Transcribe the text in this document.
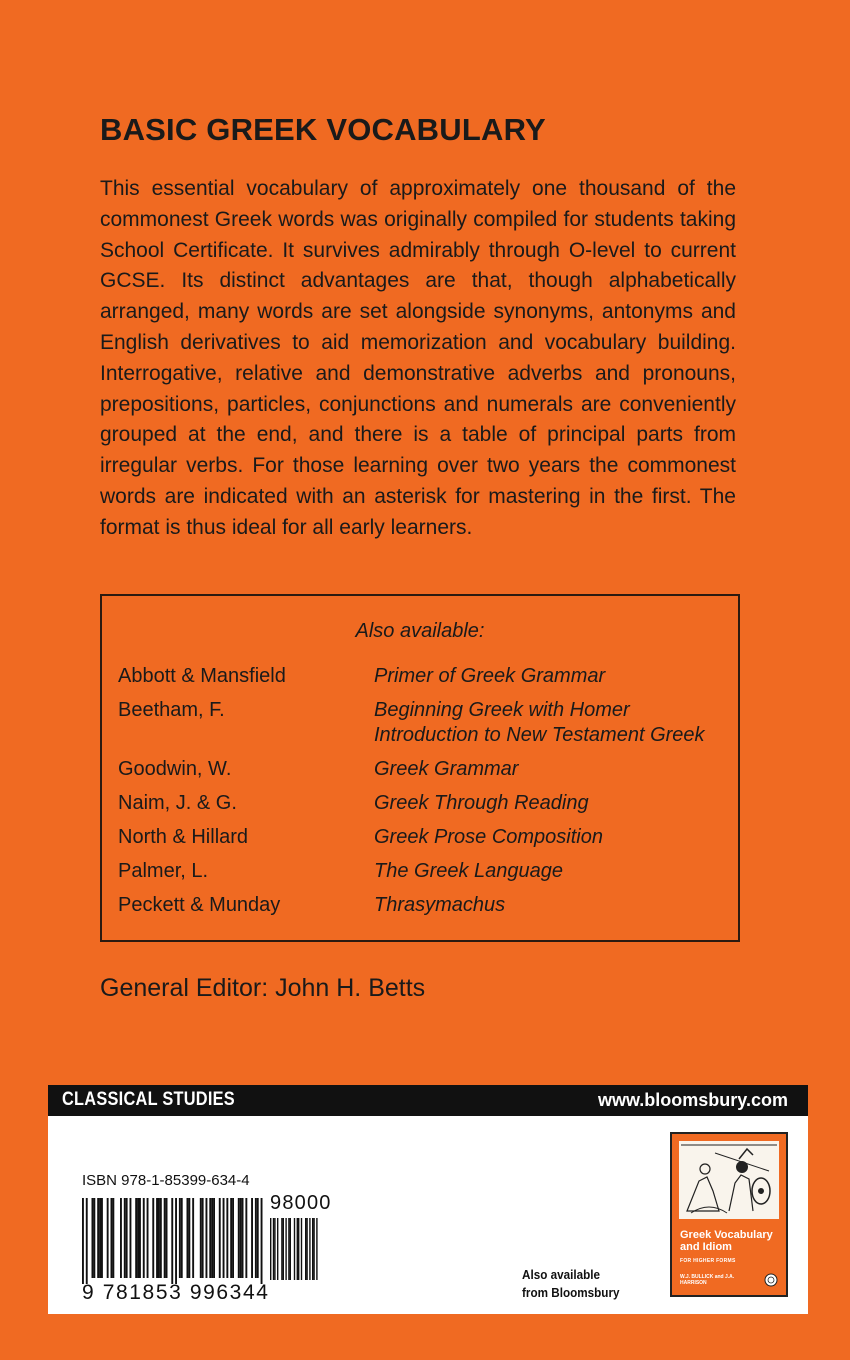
BASIC GREEK VOCABULARY

This essential vocabulary of approximately one thousand of the commonest Greek words was originally compiled for students taking School Certificate. It survives admirably through O-level to current GCSE. Its distinct advantages are that, though alphabetically arranged, many words are set alongside synonyms, antonyms and English derivatives to aid memorization and vocabulary building. Interrogative, relative and demonstrative adverbs and pronouns, prepositions, particles, conjunctions and numerals are conveniently grouped at the end, and there is a table of principal parts from irregular verbs. For those learning over two years the commonest words are indicated with an asterisk for mastering in the first. The format is thus ideal for all early learners.

Also available:
Abbott & Mansfield	Primer of Greek Grammar
Beetham, F.	Beginning Greek with Homer
Introduction to New Testament Greek
Goodwin, W.	Greek Grammar
Naim, J. & G.	Greek Through Reading
North & Hillard	Greek Prose Composition
Palmer, L.	The Greek Language
Peckett & Munday	Thrasymachus

General Editor: John H. Betts

CLASSICAL STUDIES	www.bloomsbury.com
ISBN 978-1-85399-634-4
98000
9 781853 996344
Also available
from Bloomsbury
Greek Vocabulary and Idiom
FOR HIGHER FORMS
W.J. BULLICK and J.A. HARRISON
